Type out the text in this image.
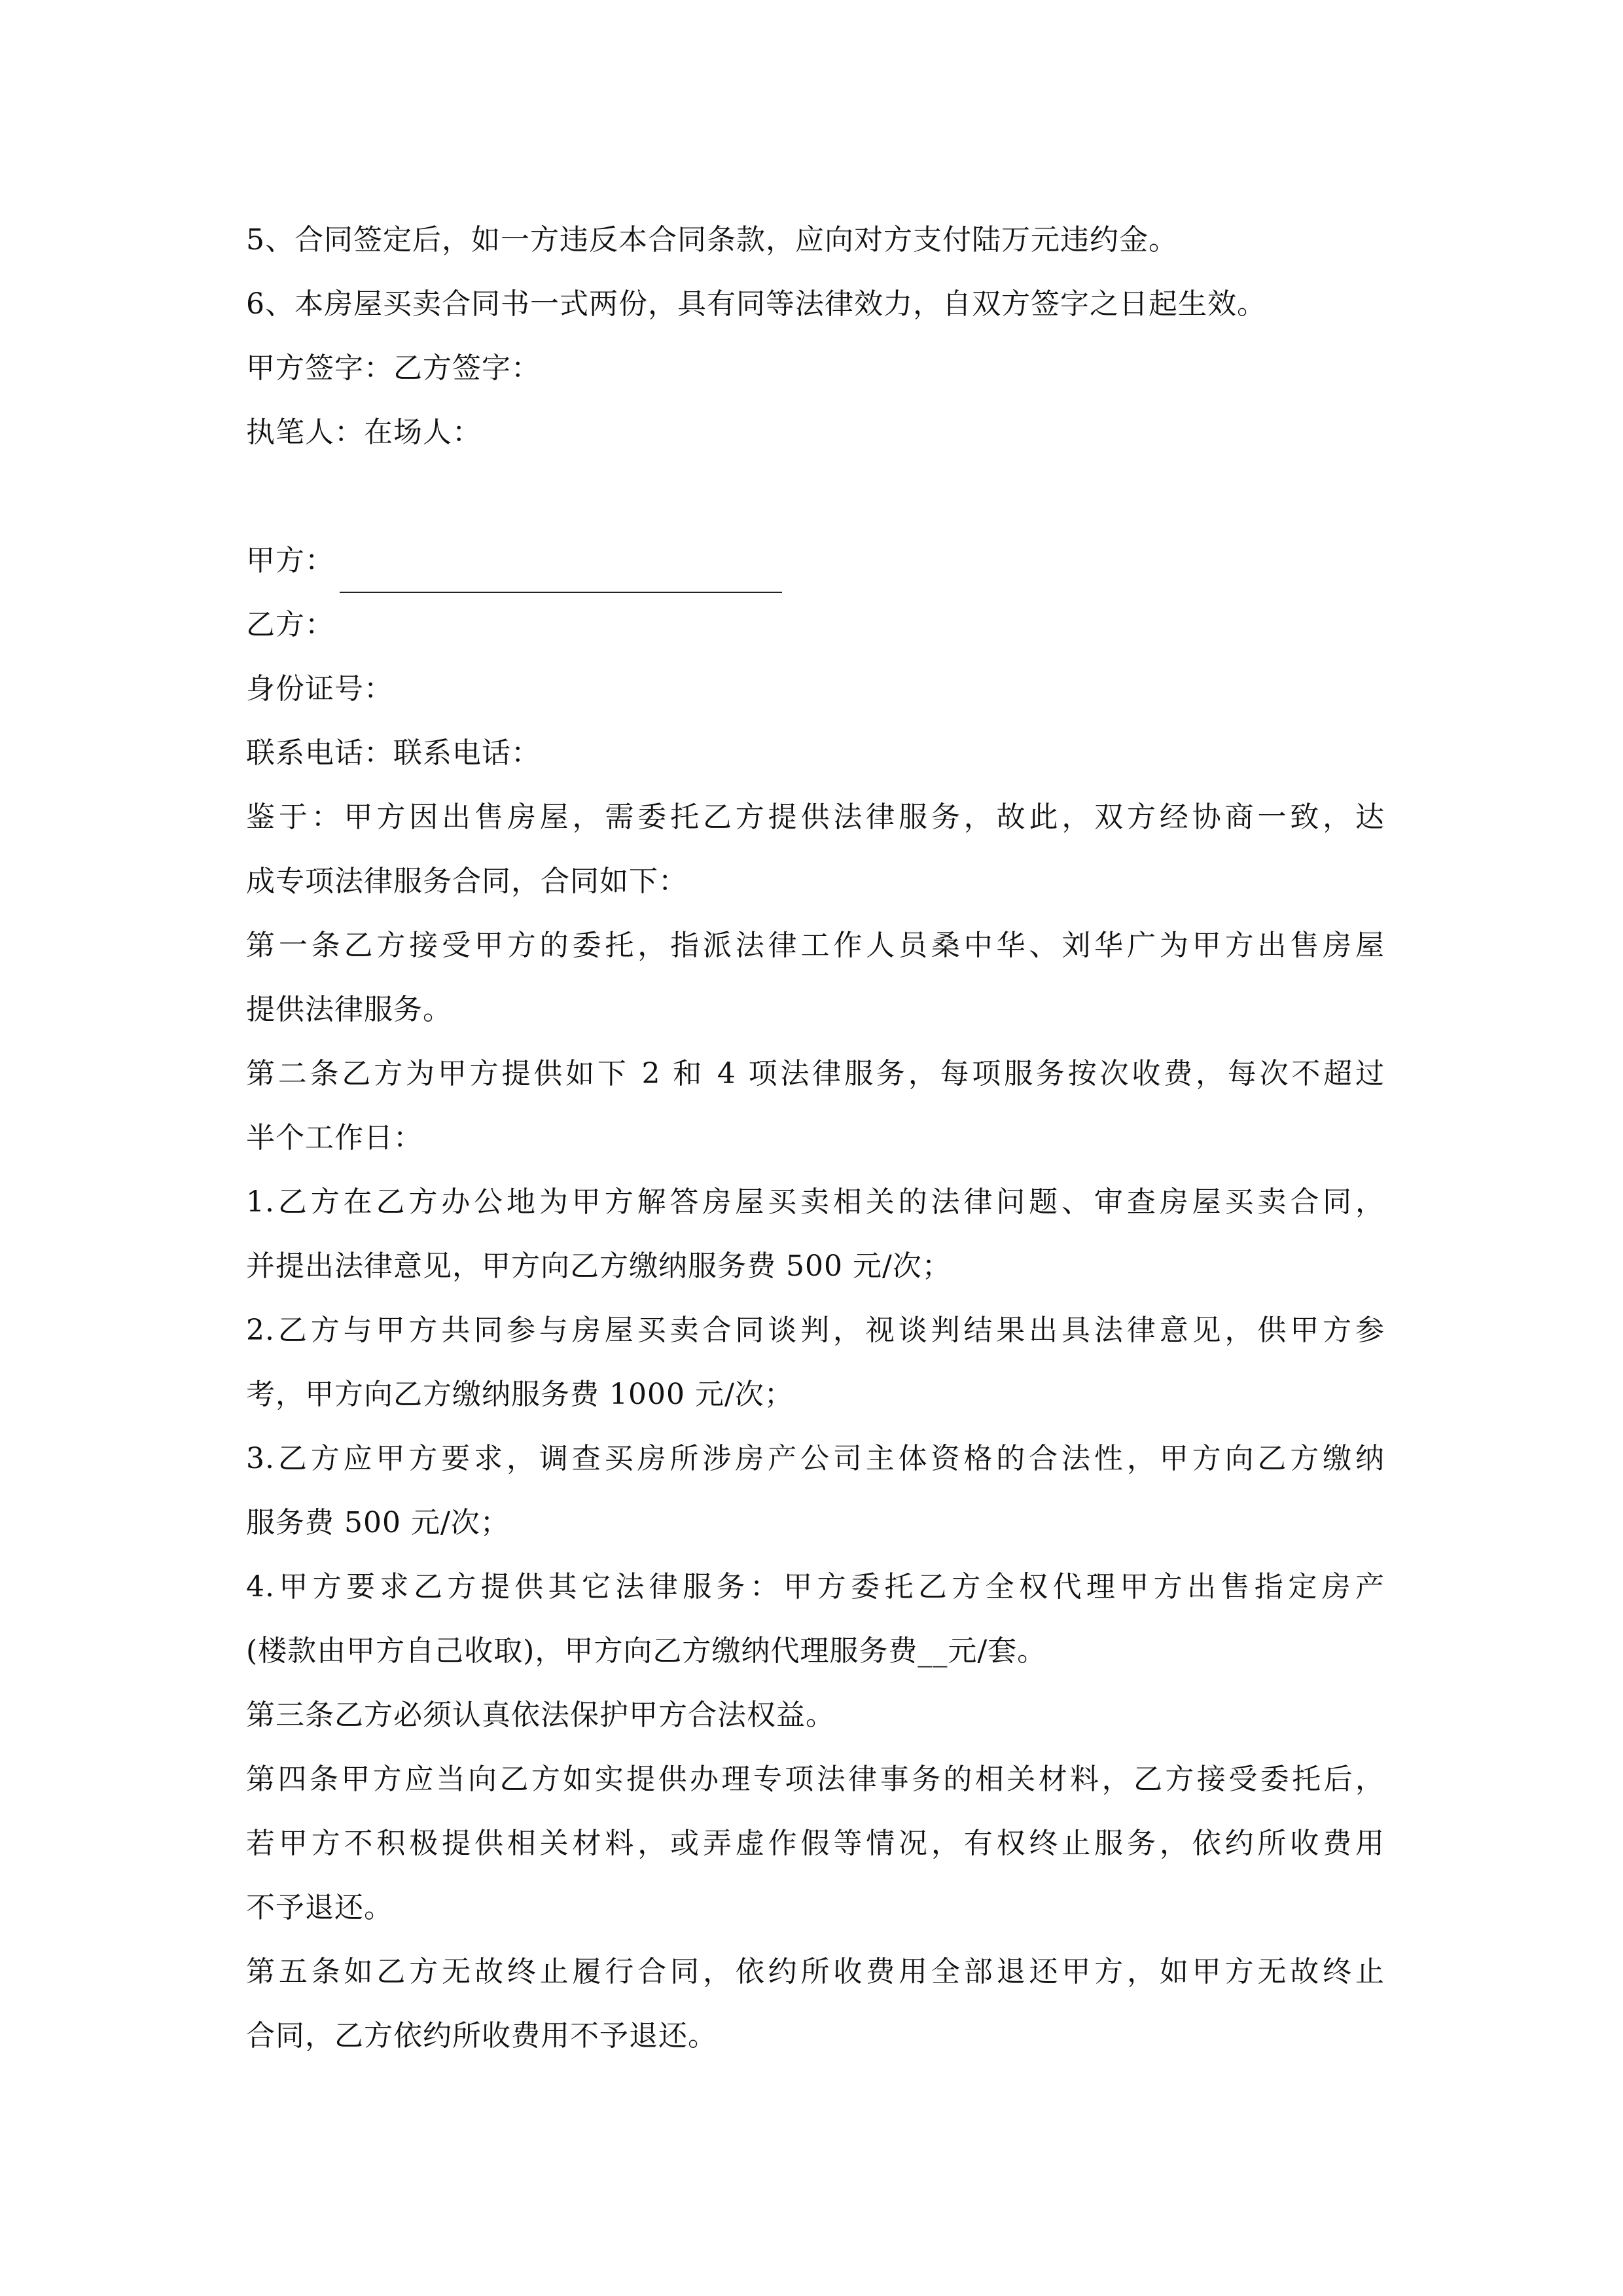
5、合同签定后，如一方违反本合同条款，应向对方支付陆万元违约金。
6、本房屋买卖合同书一式两份，具有同等法律效力，自双方签字之日起生效。
甲方签字：乙方签字：
执笔人：在场人：
甲方：
乙方：
身份证号：
联系电话：联系电话：
鉴于：甲方因出售房屋，需委托乙方提供法律服务，故此，双方经协商一致，达
成专项法律服务合同，合同如下：
第一条乙方接受甲方的委托，指派法律工作人员桑中华、刘华广为甲方出售房屋
提供法律服务。
第二条乙方为甲方提供如下 2 和 4 项法律服务，每项服务按次收费，每次不超过
半个工作日：
1.乙方在乙方办公地为甲方解答房屋买卖相关的法律问题、审查房屋买卖合同，
并提出法律意见，甲方向乙方缴纳服务费 500 元/次；
2.乙方与甲方共同参与房屋买卖合同谈判，视谈判结果出具法律意见，供甲方参
考，甲方向乙方缴纳服务费 1000 元/次；
3.乙方应甲方要求，调查买房所涉房产公司主体资格的合法性，甲方向乙方缴纳
服务费 500 元/次；
4.甲方要求乙方提供其它法律服务：甲方委托乙方全权代理甲方出售指定房产
(楼款由甲方自己收取)，甲方向乙方缴纳代理服务费__元/套。
第三条乙方必须认真依法保护甲方合法权益。
第四条甲方应当向乙方如实提供办理专项法律事务的相关材料，乙方接受委托后，
若甲方不积极提供相关材料，或弄虚作假等情况，有权终止服务，依约所收费用
不予退还。
第五条如乙方无故终止履行合同，依约所收费用全部退还甲方，如甲方无故终止
合同，乙方依约所收费用不予退还。
